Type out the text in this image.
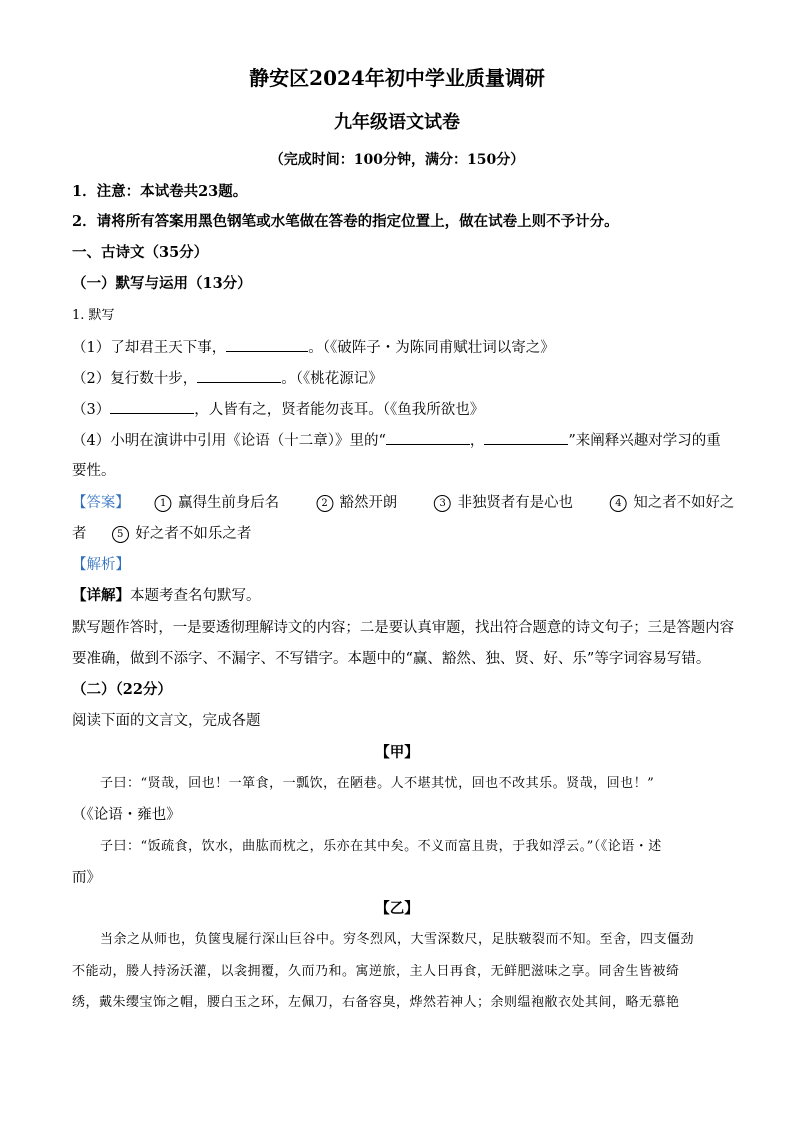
静安区2024年初中学业质量调研
九年级语文试卷
（完成时间：100分钟，满分：150分）
1．注意：本试卷共23题。
2．请将所有答案用黑色钢笔或水笔做在答卷的指定位置上，做在试卷上则不予计分。
一、古诗文（35分）
（一）默写与运用（13分）
1. 默写
（1）了却君王天下事，	。（《破阵子・为陈同甫赋壮词以寄之》
（2）复行数十步，	。（《桃花源记》
（3）	，人皆有之，贤者能勿丧耳。（《鱼我所欲也》
（4）小明在演讲中引用《论语（十二章）》里的“	，	”来阐释兴趣对学习的重
要性。
【答案】	1 赢得生前身后名	2 豁然开朗	3 非独贤者有是心也	4 知之者不如好之
者	5 好之者不如乐之者
【解析】
【详解】本题考查名句默写。
默写题作答时，一是要透彻理解诗文的内容；二是要认真审题，找出符合题意的诗文句子；三是答题内容
要准确，做到不添字、不漏字、不写错字。本题中的“赢、豁然、独、贤、好、乐”等字词容易写错。
（二）（22分）
阅读下面的文言文，完成各题
【甲】
子曰：“贤哉，回也！一箪食，一瓢饮，在陋巷。人不堪其忧，回也不改其乐。贤哉，回也！”
（《论语・雍也》
子曰：“饭疏食，饮水，曲肱而枕之，乐亦在其中矣。不义而富且贵，于我如浮云。”（《论语・述
而》
【乙】
当余之从师也，负箧曳屣行深山巨谷中。穷冬烈风，大雪深数尺，足肤皲裂而不知。至舍，四支僵劲
不能动，媵人持汤沃灌，以衾拥覆，久而乃和。寓逆旅，主人日再食，无鲜肥滋味之享。同舍生皆被绮
绣，戴朱缨宝饰之帽，腰白玉之环，左佩刀，右备容臭，烨然若神人；余则缊袍敝衣处其间，略无慕艳
